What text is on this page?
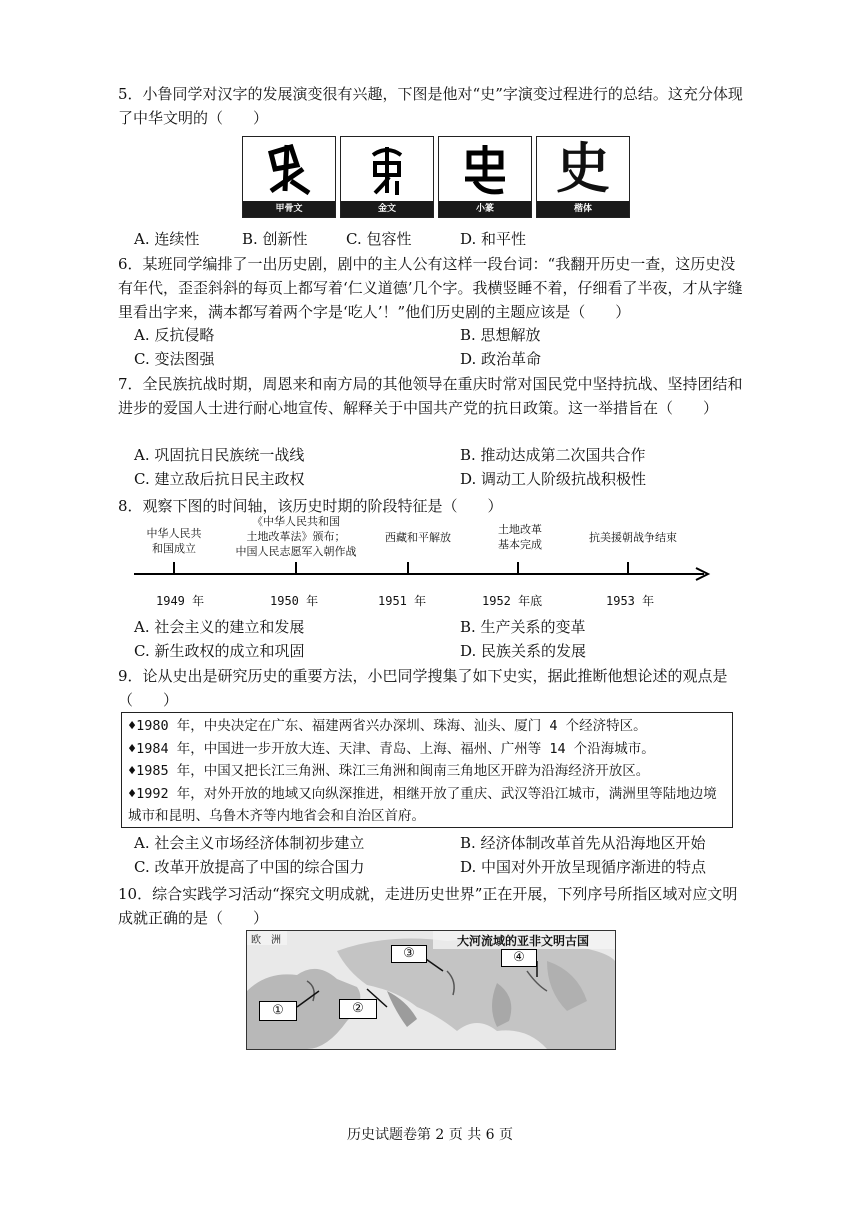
5．小鲁同学对汉字的发展演变很有兴趣，下图是他对“史”字演变过程进行的总结。这充分体现了中华文明的（　　）
甲骨文	金文	小篆
史
楷体
A. 连续性	B. 创新性	C. 包容性	D. 和平性
6．某班同学编排了一出历史剧，剧中的主人公有这样一段台词：“我翻开历史一查，这历史没有年代，歪歪斜斜的每页上都写着‘仁义道德’几个字。我横竖睡不着，仔细看了半夜，才从字缝里看出字来，满本都写着两个字是‘吃人’！”他们历史剧的主题应该是（　　）
A. 反抗侵略	B. 思想解放
C. 变法图强	D. 政治革命
7．全民族抗战时期，周恩来和南方局的其他领导在重庆时常对国民党中坚持抗战、坚持团结和进步的爱国人士进行耐心地宣传、解释关于中国共产党的抗日政策。这一举措旨在（　　）
A. 巩固抗日民族统一战线	B. 推动达成第二次国共合作
C. 建立敌后抗日民主政权	D. 调动工人阶级抗战积极性
8．观察下图的时间轴，该历史时期的阶段特征是（　　）
中华人民共
和国成立
《中华人民共和国
土地改革法》颁布；
中国人民志愿军入朝作战
西藏和平解放
土地改革
基本完成
抗美援朝战争结束
1949 年	1950 年	1951 年	1952 年底	1953 年
A. 社会主义的建立和发展	B. 生产关系的变革
C. 新生政权的成立和巩固	D. 民族关系的发展
9．论从史出是研究历史的重要方法，小巴同学搜集了如下史实，据此推断他想论述的观点是（　　）
♦1980 年，中央决定在广东、福建两省兴办深圳、珠海、汕头、厦门 4 个经济特区。
♦1984 年，中国进一步开放大连、天津、青岛、上海、福州、广州等 14 个沿海城市。
♦1985 年，中国又把长江三角洲、珠江三角洲和闽南三角地区开辟为沿海经济开放区。
♦1992 年，对外开放的地域又向纵深推进，相继开放了重庆、武汉等沿江城市，满洲里等陆地边境城市和昆明、乌鲁木齐等内地省会和自治区首府。
A. 社会主义市场经济体制初步建立	B. 经济体制改革首先从沿海地区开始
C. 改革开放提高了中国的综合国力	D. 中国对外开放呈现循序渐进的特点
10．综合实践学习活动“探究文明成就，走进历史世界”正在开展，下列序号所指区域对应文明成就正确的是（　　）
大河流域的亚非文明古国
欧　洲
①	②
③	④
历史试题卷第 2 页 共 6 页
